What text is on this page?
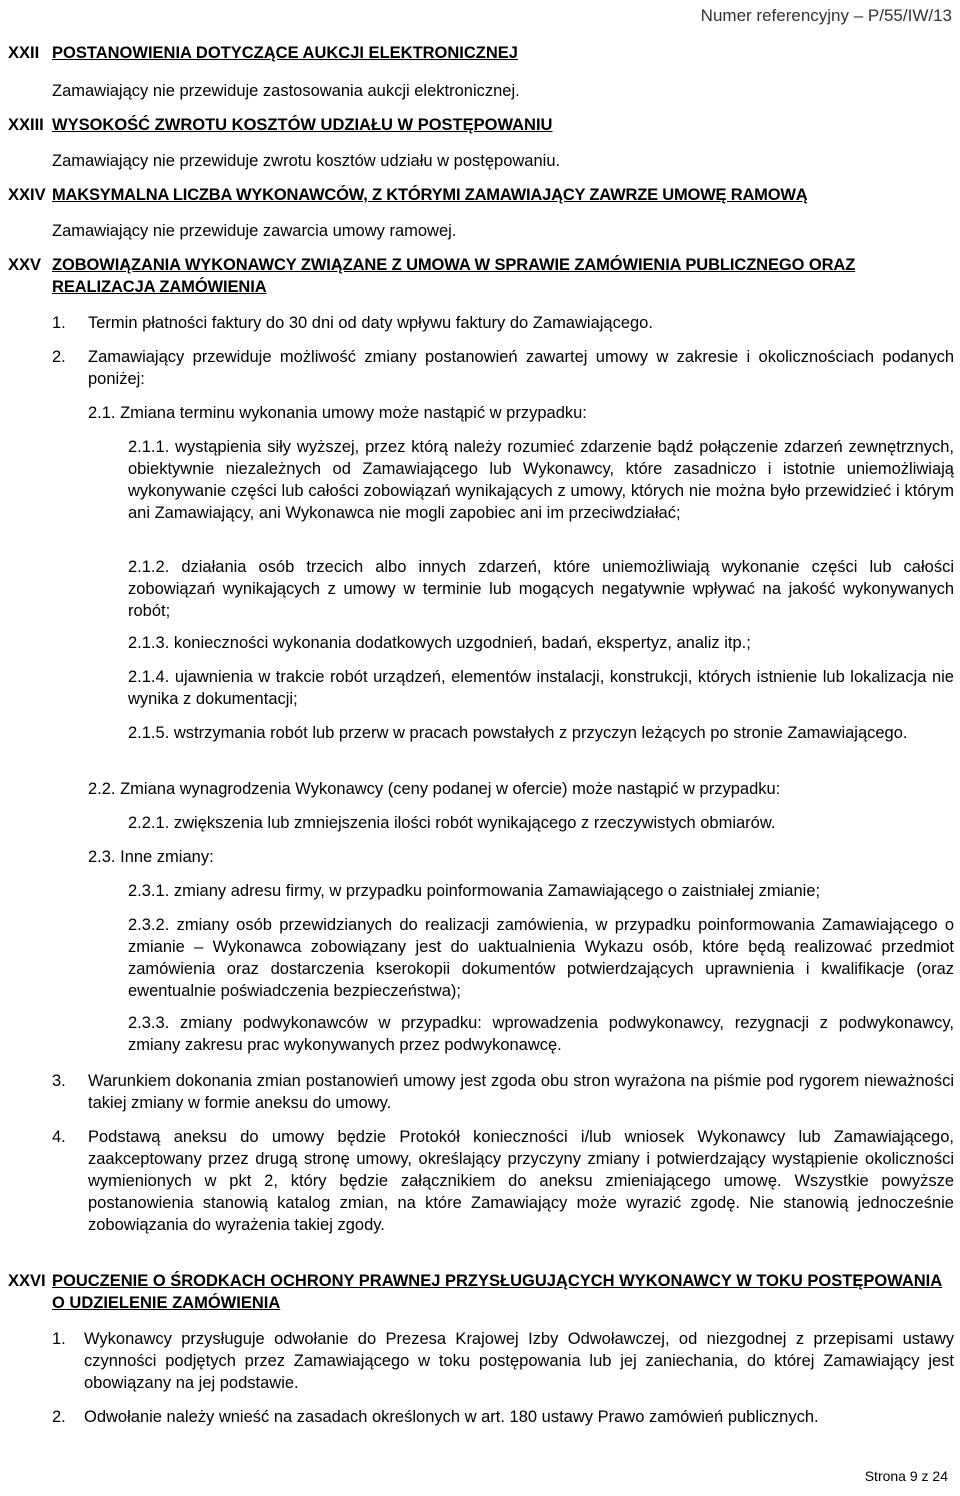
Numer referencyjny – P/55/IW/13
XXII POSTANOWIENIA DOTYCZĄCE AUKCJI ELEKTRONICZNEJ
Zamawiający nie przewiduje zastosowania aukcji elektronicznej.
XXIII WYSOKOŚĆ ZWROTU KOSZTÓW UDZIAŁU W POSTĘPOWANIU
Zamawiający nie przewiduje zwrotu kosztów udziału w postępowaniu.
XXIV MAKSYMALNA LICZBA WYKONAWCÓW, Z KTÓRYMI ZAMAWIAJĄCY ZAWRZE UMOWĘ RAMOWĄ
Zamawiający nie przewiduje zawarcia umowy ramowej.
XXV ZOBOWIĄZANIA WYKONAWCY ZWIĄZANE Z UMOWA W SPRAWIE ZAMÓWIENIA PUBLICZNEGO ORAZ REALIZACJA ZAMÓWIENIA
1. Termin płatności faktury do 30 dni od daty wpływu faktury do Zamawiającego.
2. Zamawiający przewiduje możliwość zmiany postanowień zawartej umowy w zakresie i okolicznościach podanych poniżej:
2.1. Zmiana terminu wykonania umowy może nastąpić w przypadku:
2.1.1. wystąpienia siły wyższej, przez którą należy rozumieć zdarzenie bądź połączenie zdarzeń zewnętrznych, obiektywnie niezależnych od Zamawiającego lub Wykonawcy, które zasadniczo i istotnie uniemożliwiają wykonywanie części lub całości zobowiązań wynikających z umowy, których nie można było przewidzieć i którym ani Zamawiający, ani Wykonawca nie mogli zapobiec ani im przeciwdziałać;
2.1.2. działania osób trzecich albo innych zdarzeń, które uniemożliwiają wykonanie części lub całości zobowiązań wynikających z umowy w terminie lub mogących negatywnie wpływać na jakość wykonywanych robót;
2.1.3. konieczności wykonania dodatkowych uzgodnień, badań, ekspertyz, analiz itp.;
2.1.4. ujawnienia w trakcie robót urządzeń, elementów instalacji, konstrukcji, których istnienie lub lokalizacja nie wynika z dokumentacji;
2.1.5. wstrzymania robót lub przerw w pracach powstałych z przyczyn leżących po stronie Zamawiającego.
2.2. Zmiana wynagrodzenia Wykonawcy (ceny podanej w ofercie) może nastąpić w przypadku:
2.2.1. zwiększenia lub zmniejszenia ilości robót wynikającego z rzeczywistych obmiarów.
2.3. Inne zmiany:
2.3.1. zmiany adresu firmy, w przypadku poinformowania Zamawiającego o zaistniałej zmianie;
2.3.2. zmiany osób przewidzianych do realizacji zamówienia, w przypadku poinformowania Zamawiającego o zmianie – Wykonawca zobowiązany jest do uaktualnienia Wykazu osób, które będą realizować przedmiot zamówienia oraz dostarczenia kserokopii dokumentów potwierdzających uprawnienia i kwalifikacje (oraz ewentualnie poświadczenia bezpieczeństwa);
2.3.3. zmiany podwykonawców w przypadku: wprowadzenia podwykonawcy, rezygnacji z podwykonawcy, zmiany zakresu prac wykonywanych przez podwykonawcę.
3. Warunkiem dokonania zmian postanowień umowy jest zgoda obu stron wyrażona na piśmie pod rygorem nieważności takiej zmiany w formie aneksu do umowy.
4. Podstawą aneksu do umowy będzie Protokół konieczności i/lub wniosek Wykonawcy lub Zamawiającego, zaakceptowany przez drugą stronę umowy, określający przyczyny zmiany i potwierdzający wystąpienie okoliczności wymienionych w pkt 2, który będzie załącznikiem do aneksu zmieniającego umowę. Wszystkie powyższe postanowienia stanowią katalog zmian, na które Zamawiający może wyrazić zgodę. Nie stanowią jednocześnie zobowiązania do wyrażenia takiej zgody.
XXVI POUCZENIE O ŚRODKACH OCHRONY PRAWNEJ PRZYSŁUGUJĄCYCH WYKONAWCY W TOKU POSTĘPOWANIA O UDZIELENIE ZAMÓWIENIA
1. Wykonawcy przysługuje odwołanie do Prezesa Krajowej Izby Odwoławczej, od niezgodnej z przepisami ustawy czynności podjętych przez Zamawiającego w toku postępowania lub jej zaniechania, do której Zamawiający jest obowiązany na jej podstawie.
2. Odwołanie należy wnieść na zasadach określonych w art. 180 ustawy Prawo zamówień publicznych.
Strona 9 z 24
